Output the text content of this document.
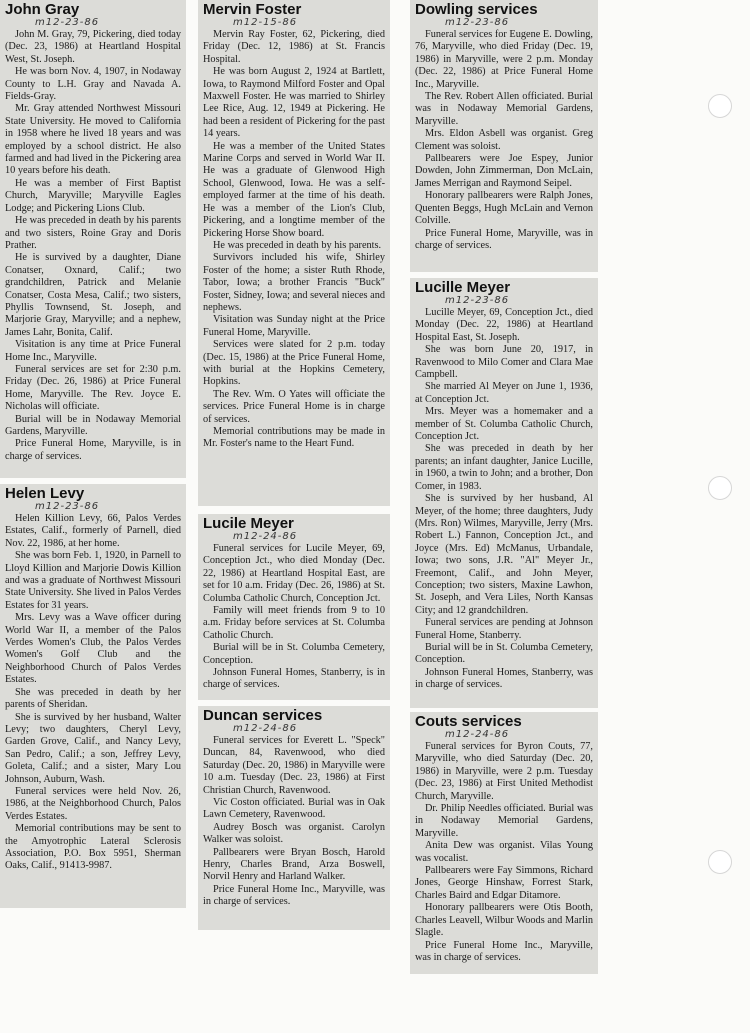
John Gray
m12-23-86

John M. Gray, 79, Pickering, died today (Dec. 23, 1986) at Heartland Hospital West, St. Joseph.

He was born Nov. 4, 1907, in Nodaway County to L.H. Gray and Navada A. Fields-Gray.

Mr. Gray attended Northwest Missouri State University. He moved to California in 1958 where he lived 18 years and was employed by a school district. He also farmed and had lived in the Pickering area 10 years before his death.

He was a member of First Baptist Church, Maryville; Maryville Eagles Lodge; and Pickering Lions Club.

He was preceded in death by his parents and two sisters, Roine Gray and Doris Prather.

He is survived by a daughter, Diane Conatser, Oxnard, Calif.; two grandchildren, Patrick and Melanie Conatser, Costa Mesa, Calif.; two sisters, Phyllis Townsend, St. Joseph, and Marjorie Gray, Maryville; and a nephew, James Lahr, Bonita, Calif.

Visitation is any time at Price Funeral Home Inc., Maryville.

Funeral services are set for 2:30 p.m. Friday (Dec. 26, 1986) at Price Funeral Home, Maryville. The Rev. Joyce E. Nicholas will officiate.

Burial will be in Nodaway Memorial Gardens, Maryville.

Price Funeral Home, Maryville, is in charge of services.

Helen Levy
m12-23-86

Helen Killion Levy, 66, Palos Verdes Estates, Calif., formerly of Parnell, died Nov. 22, 1986, at her home.

She was born Feb. 1, 1920, in Parnell to Lloyd Killion and Marjorie Dowis Killion and was a graduate of Northwest Missouri State University. She lived in Palos Verdes Estates for 31 years.

Mrs. Levy was a Wave officer during World War II, a member of the Palos Verdes Women's Club, the Palos Verdes Women's Golf Club and the Neighborhood Church of Palos Verdes Estates.

She was preceded in death by her parents of Sheridan.

She is survived by her husband, Walter Levy; two daughters, Cheryl Levy, Garden Grove, Calif., and Nancy Levy, San Pedro, Calif.; a son, Jeffrey Levy, Goleta, Calif.; and a sister, Mary Lou Johnson, Auburn, Wash.

Funeral services were held Nov. 26, 1986, at the Neighborhood Church, Palos Verdes Estates.

Memorial contributions may be sent to the Amyotrophic Lateral Sclerosis Association, P.O. Box 5951, Sherman Oaks, Calif., 91413-9987.

Mervin Foster
m12-15-86

Mervin Ray Foster, 62, Pickering, died Friday (Dec. 12, 1986) at St. Francis Hospital.

He was born August 2, 1924 at Bartlett, Iowa, to Raymond Milford Foster and Opal Maxwell Foster. He was married to Shirley Lee Rice, Aug. 12, 1949 at Pickering. He had been a resident of Pickering for the past 14 years.

He was a member of the United States Marine Corps and served in World War II. He was a graduate of Glenwood High School, Glenwood, Iowa. He was a self-employed farmer at the time of his death. He was a member of the Lion's Club, Pickering, and a longtime member of the Pickering Horse Show board.

He was preceded in death by his parents.

Survivors included his wife, Shirley Foster of the home; a sister Ruth Rhode, Tabor, Iowa; a brother Francis "Buck" Foster, Sidney, Iowa; and several nieces and nephews.

Visitation was Sunday night at the Price Funeral Home, Maryville.

Services were slated for 2 p.m. today (Dec. 15, 1986) at the Price Funeral Home, with burial at the Hopkins Cemetery, Hopkins.

The Rev. Wm. O Yates will officiate the services. Price Funeral Home is in charge of services.

Memorial contributions may be made in Mr. Foster's name to the Heart Fund.

Lucile Meyer
m12-24-86

Funeral services for Lucile Meyer, 69, Conception Jct., who died Monday (Dec. 22, 1986) at Heartland Hospital East, are set for 10 a.m. Friday (Dec. 26, 1986) at St. Columba Catholic Church, Conception Jct.

Family will meet friends from 9 to 10 a.m. Friday before services at St. Columba Catholic Church.

Burial will be in St. Columba Cemetery, Conception.

Johnson Funeral Homes, Stanberry, is in charge of services.

Duncan services
m12-24-86

Funeral services for Everett L. "Speck" Duncan, 84, Ravenwood, who died Saturday (Dec. 20, 1986) in Maryville were 10 a.m. Tuesday (Dec. 23, 1986) at First Christian Church, Ravenwood.

Vic Coston officiated. Burial was in Oak Lawn Cemetery, Ravenwood.

Audrey Bosch was organist. Carolyn Walker was soloist.

Pallbearers were Bryan Bosch, Harold Henry, Charles Brand, Arza Boswell, Norvil Henry and Harland Walker.

Price Funeral Home Inc., Maryville, was in charge of services.

Dowling services
m12-23-86

Funeral services for Eugene E. Dowling, 76, Maryville, who died Friday (Dec. 19, 1986) in Maryville, were 2 p.m. Monday (Dec. 22, 1986) at Price Funeral Home Inc., Maryville.

The Rev. Robert Allen officiated. Burial was in Nodaway Memorial Gardens, Maryville.

Mrs. Eldon Asbell was organist. Greg Clement was soloist.

Pallbearers were Joe Espey, Junior Dowden, John Zimmerman, Don McLain, James Merrigan and Raymond Seipel.

Honorary pallbearers were Ralph Jones, Quenten Beggs, Hugh McLain and Vernon Colville.

Price Funeral Home, Maryville, was in charge of services.

Lucille Meyer
m12-23-86

Lucille Meyer, 69, Conception Jct., died Monday (Dec. 22, 1986) at Heartland Hospital East, St. Joseph.

She was born June 20, 1917, in Ravenwood to Milo Comer and Clara Mae Campbell.

She married Al Meyer on June 1, 1936, at Conception Jct.

Mrs. Meyer was a homemaker and a member of St. Columba Catholic Church, Conception Jct.

She was preceded in death by her parents; an infant daughter, Janice Lucille, in 1960, a twin to John; and a brother, Don Comer, in 1983.

She is survived by her husband, Al Meyer, of the home; three daughters, Judy (Mrs. Ron) Wilmes, Maryville, Jerry (Mrs. Robert L.) Fannon, Conception Jct., and Joyce (Mrs. Ed) McManus, Urbandale, Iowa; two sons, J.R. "Al" Meyer Jr., Freemont, Calif., and John Meyer, Conception; two sisters, Maxine Lawhon, St. Joseph, and Vera Liles, North Kansas City; and 12 grandchildren.

Funeral services are pending at Johnson Funeral Home, Stanberry.

Burial will be in St. Columba Cemetery, Conception.

Johnson Funeral Homes, Stanberry, was in charge of services.

Couts services
m12-24-86

Funeral services for Byron Couts, 77, Maryville, who died Saturday (Dec. 20, 1986) in Maryville, were 2 p.m. Tuesday (Dec. 23, 1986) at First United Methodist Church, Maryville.

Dr. Philip Needles officiated. Burial was in Nodaway Memorial Gardens, Maryville.

Anita Dew was organist. Vilas Young was vocalist.

Pallbearers were Fay Simmons, Richard Jones, George Hinshaw, Forrest Stark, Charles Baird and Edgar Ditamore.

Honorary pallbearers were Otis Booth, Charles Leavell, Wilbur Woods and Marlin Slagle.

Price Funeral Home Inc., Maryville, was in charge of services.
